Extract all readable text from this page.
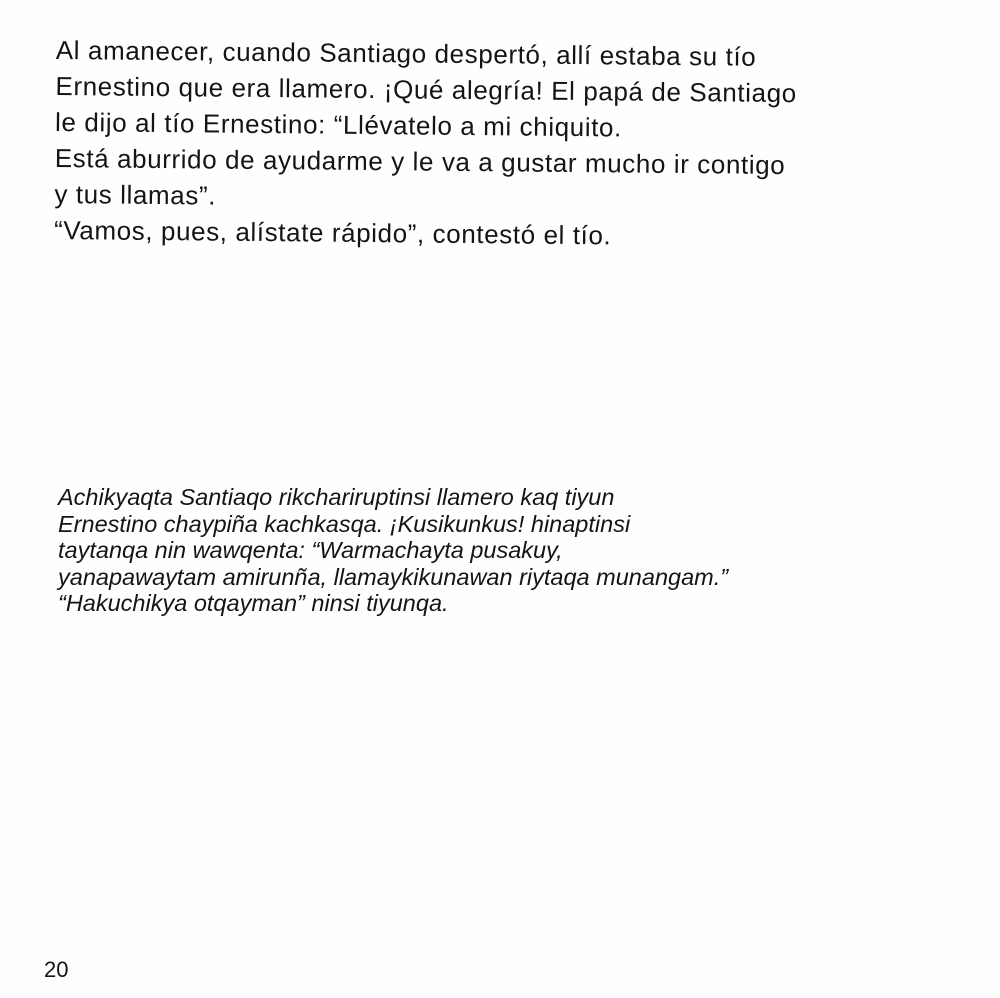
Al amanecer, cuando Santiago despertó, allí estaba su tío
Ernestino que era llamero. ¡Qué alegría! El papá de Santiago
le dijo al tío Ernestino: “Llévatelo a mi chiquito.
Está aburrido de ayudarme y le va a gustar mucho ir contigo
y tus llamas”.
“Vamos, pues, alístate rápido”, contestó el tío.
Achikyaqta Santiaqo rikchariruptinsi llamero kaq tiyun
Ernestino chaypiña kachkasqa. ¡Kusikunkus! hinaptinsi
taytanqa nin wawqenta: “Warmachayta pusakuy,
yanapawaytam amirunña, llamaykikunawan riytaqa munangam.”
“Hakuchikya otqayman” ninsi tiyunqa.
20
